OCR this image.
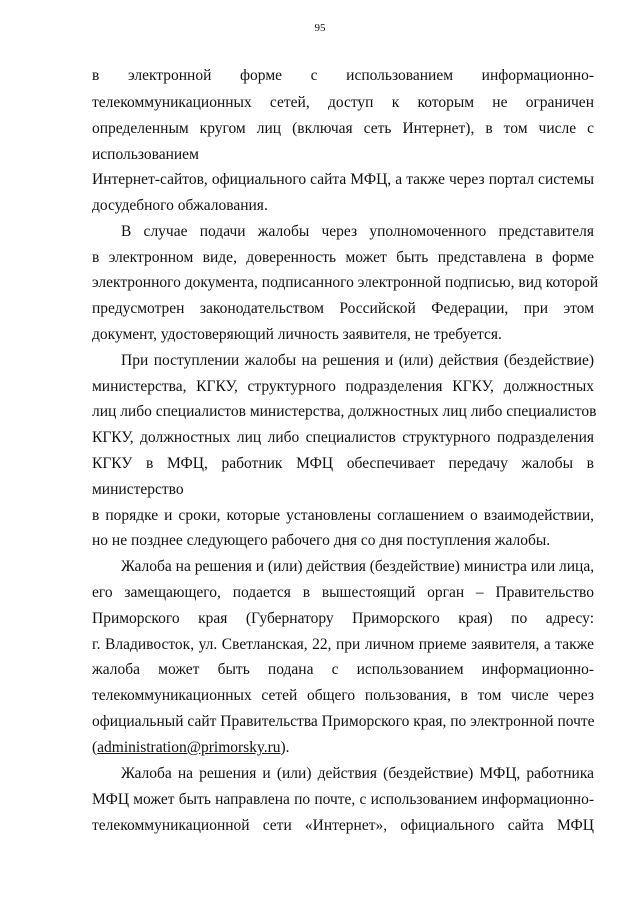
95
в электронной форме с использованием информационно-
телекоммуникационных сетей, доступ к которым не ограничен
определенным кругом лиц (включая сеть Интернет), в том числе с
использованием
Интернет-сайтов, официального сайта МФЦ, а также через портал системы
досудебного обжалования.
В случае подачи жалобы через уполномоченного представителя
в электронном виде, доверенность может быть представлена в форме
электронного документа, подписанного электронной подписью, вид которой
предусмотрен законодательством Российской Федерации, при этом
документ, удостоверяющий личность заявителя, не требуется.
При поступлении жалобы на решения и (или) действия (бездействие)
министерства, КГКУ, структурного подразделения КГКУ, должностных
лиц либо специалистов министерства, должностных лиц либо специалистов
КГКУ, должностных лиц либо специалистов структурного подразделения
КГКУ в МФЦ, работник МФЦ обеспечивает передачу жалобы в
министерство
в порядке и сроки, которые установлены соглашением о взаимодействии,
но не позднее следующего рабочего дня со дня поступления жалобы.
Жалоба на решения и (или) действия (бездействие) министра или лица,
его замещающего, подается в вышестоящий орган – Правительство
Приморского края (Губернатору Приморского края) по адресу:
г. Владивосток, ул. Светланская, 22, при личном приеме заявителя, а также
жалоба может быть подана с использованием информационно-
телекоммуникационных сетей общего пользования, в том числе через
официальный сайт Правительства Приморского края, по электронной почте
(administration@primorsky.ru).
Жалоба на решения и (или) действия (бездействие) МФЦ, работника
МФЦ может быть направлена по почте, с использованием информационно-
телекоммуникационной сети «Интернет», официального сайта МФЦ
